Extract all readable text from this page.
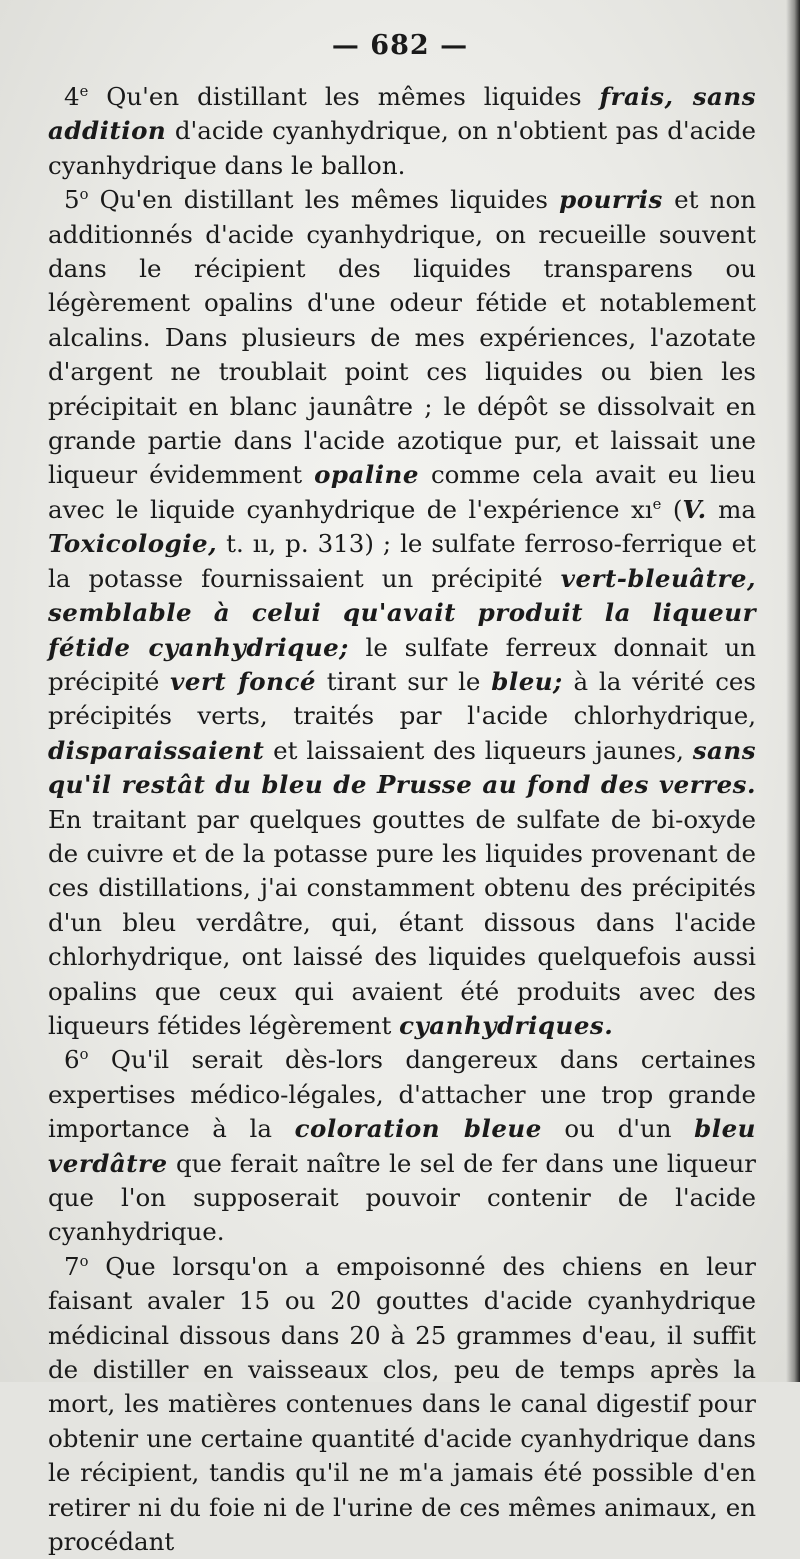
— 682 —

4e Qu'en distillant les mêmes liquides frais, sans addition d'acide cyanhydrique, on n'obtient pas d'acide cyanhydrique dans le ballon.

5$^o$ Qu'en distillant les mêmes liquides pourris et non additionnés d'acide cyanhydrique, on recueille souvent dans le récipient des liquides transparens ou légèrement opalins d'une odeur fétide et notablement alcalins. Dans plusieurs de mes expériences, l'azotate d'argent ne troublait point ces liquides ou bien les précipitait en blanc jaunâtre ; le dépôt se dissolvait en grande partie dans l'acide azotique pur, et laissait une liqueur évidemment opaline comme cela avait eu lieu avec le liquide cyanhydrique de l'expérience $xı^e$ (V. ma Toxicologie, t. ıı, p. 313) ; le sulfate ferroso-ferrique et la potasse fournissaient un précipité vert-bleuâtre, semblable à celui qu'avait produit la liqueur fétide cyanhydrique; le sulfate ferreux donnait un précipité vert foncé tirant sur le bleu; à la vérité ces précipités verts, traités par l'acide chlorhydrique, disparaissaient et laissaient des liqueurs jaunes, sans qu'il restât du bleu de Prusse au fond des verres. En traitant par quelques gouttes de sulfate de bi-oxyde de cuivre et de la potasse pure les liquides provenant de ces distillations, j'ai constamment obtenu des précipités d'un bleu verdâtre, qui, étant dissous dans l'acide chlorhydrique, ont laissé des liquides quelquefois aussi opalins que ceux qui avaient été produits avec des liqueurs fétides légèrement cyanhydriques.

6$^o$ Qu'il serait dès-lors dangereux dans certaines expertises médico-légales, d'attacher une trop grande importance à la coloration bleue ou d'un bleu verdâtre que ferait naître le sel de fer dans une liqueur que l'on supposerait pouvoir contenir de l'acide cyanhydrique.

7$^o$ Que lorsqu'on a empoisonné des chiens en leur faisant avaler 15 ou 20 gouttes d'acide cyanhydrique médicinal dissous dans 20 à 25 grammes d'eau, il suffit de distiller en vaisseaux clos, peu de temps après la mort, les matières contenues dans le canal digestif pour obtenir une certaine quantité d'acide cyanhydrique dans le récipient, tandis qu'il ne m'a jamais été possible d'en retirer ni du foie ni de l'urine de ces mêmes animaux, en procédant
